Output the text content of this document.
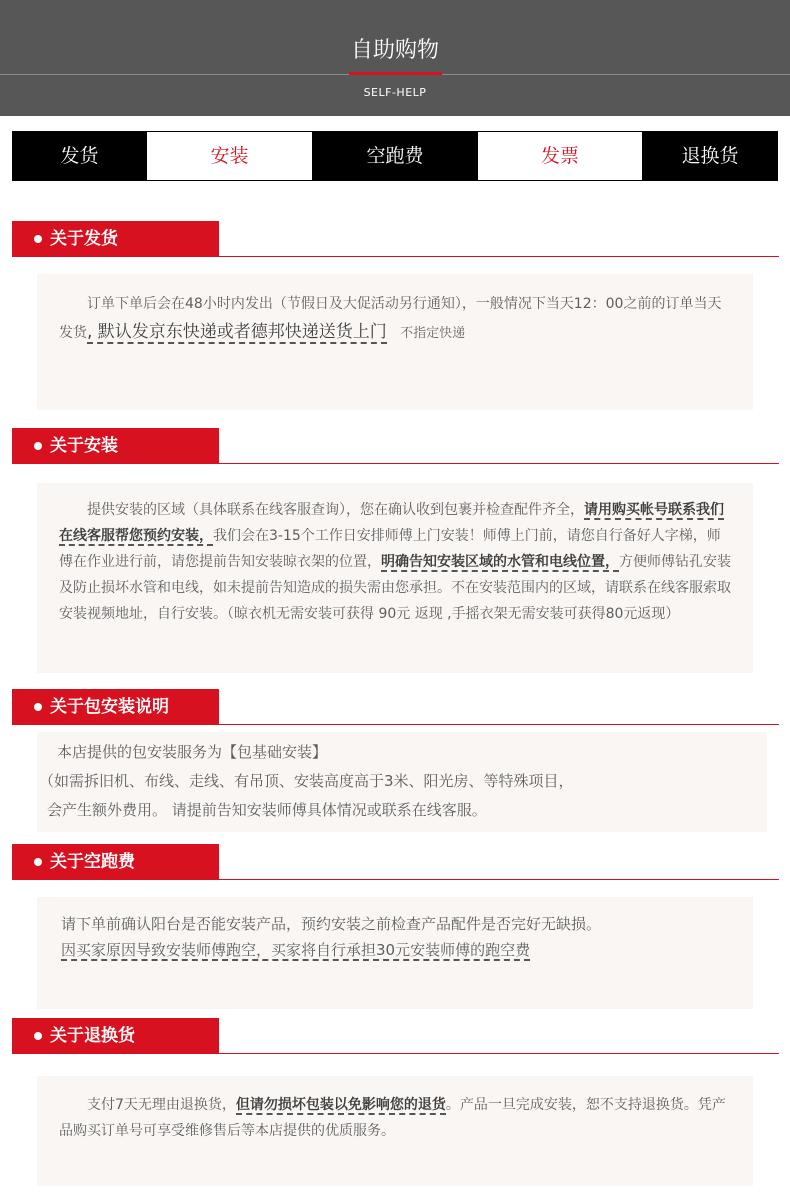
自助购物
SELF-HELP
发货	安装	空跑费	发票	退换货
关于发货

订单下单后会在48小时内发出（节假日及大促活动另行通知），一般情况下当天12：00之前的订单当天发货, 默认发京东快递或者德邦快递送货上门 不指定快递

关于安装

提供安装的区域（具体联系在线客服查询），您在确认收到包裹并检查配件齐全，请用购买帐号联系我们在线客服帮您预约安装，我们会在3-15个工作日安排师傅上门安装！师傅上门前，请您自行备好人字梯，师傅在作业进行前，请您提前告知安装晾衣架的位置，明确告知安装区域的水管和电线位置，方便师傅钻孔安装及防止损坏水管和电线，如未提前告知造成的损失需由您承担。不在安装范围内的区域，请联系在线客服索取安装视频地址，自行安装。（晾衣机无需安装可获得 90元 返现 ,手摇衣架无需安装可获得80元返现）

关于包安装说明
本店提供的包安装服务为【包基础安装】
（如需拆旧机、布线、走线、有吊顶、安装高度高于3米、阳光房、等特殊项目，
会产生额外费用。 请提前告知安装师傅具体情况或联系在线客服。
关于空跑费
请下单前确认阳台是否能安装产品，预约安装之前检查产品配件是否完好无缺损。
因买家原因导致安装师傅跑空，买家将自行承担30元安装师傅的跑空费
关于退换货

支付7天无理由退换货，但请勿损坏包装以免影响您的退货。产品一旦完成安装，恕不支持退换货。凭产品购买订单号可享受维修售后等本店提供的优质服务。
